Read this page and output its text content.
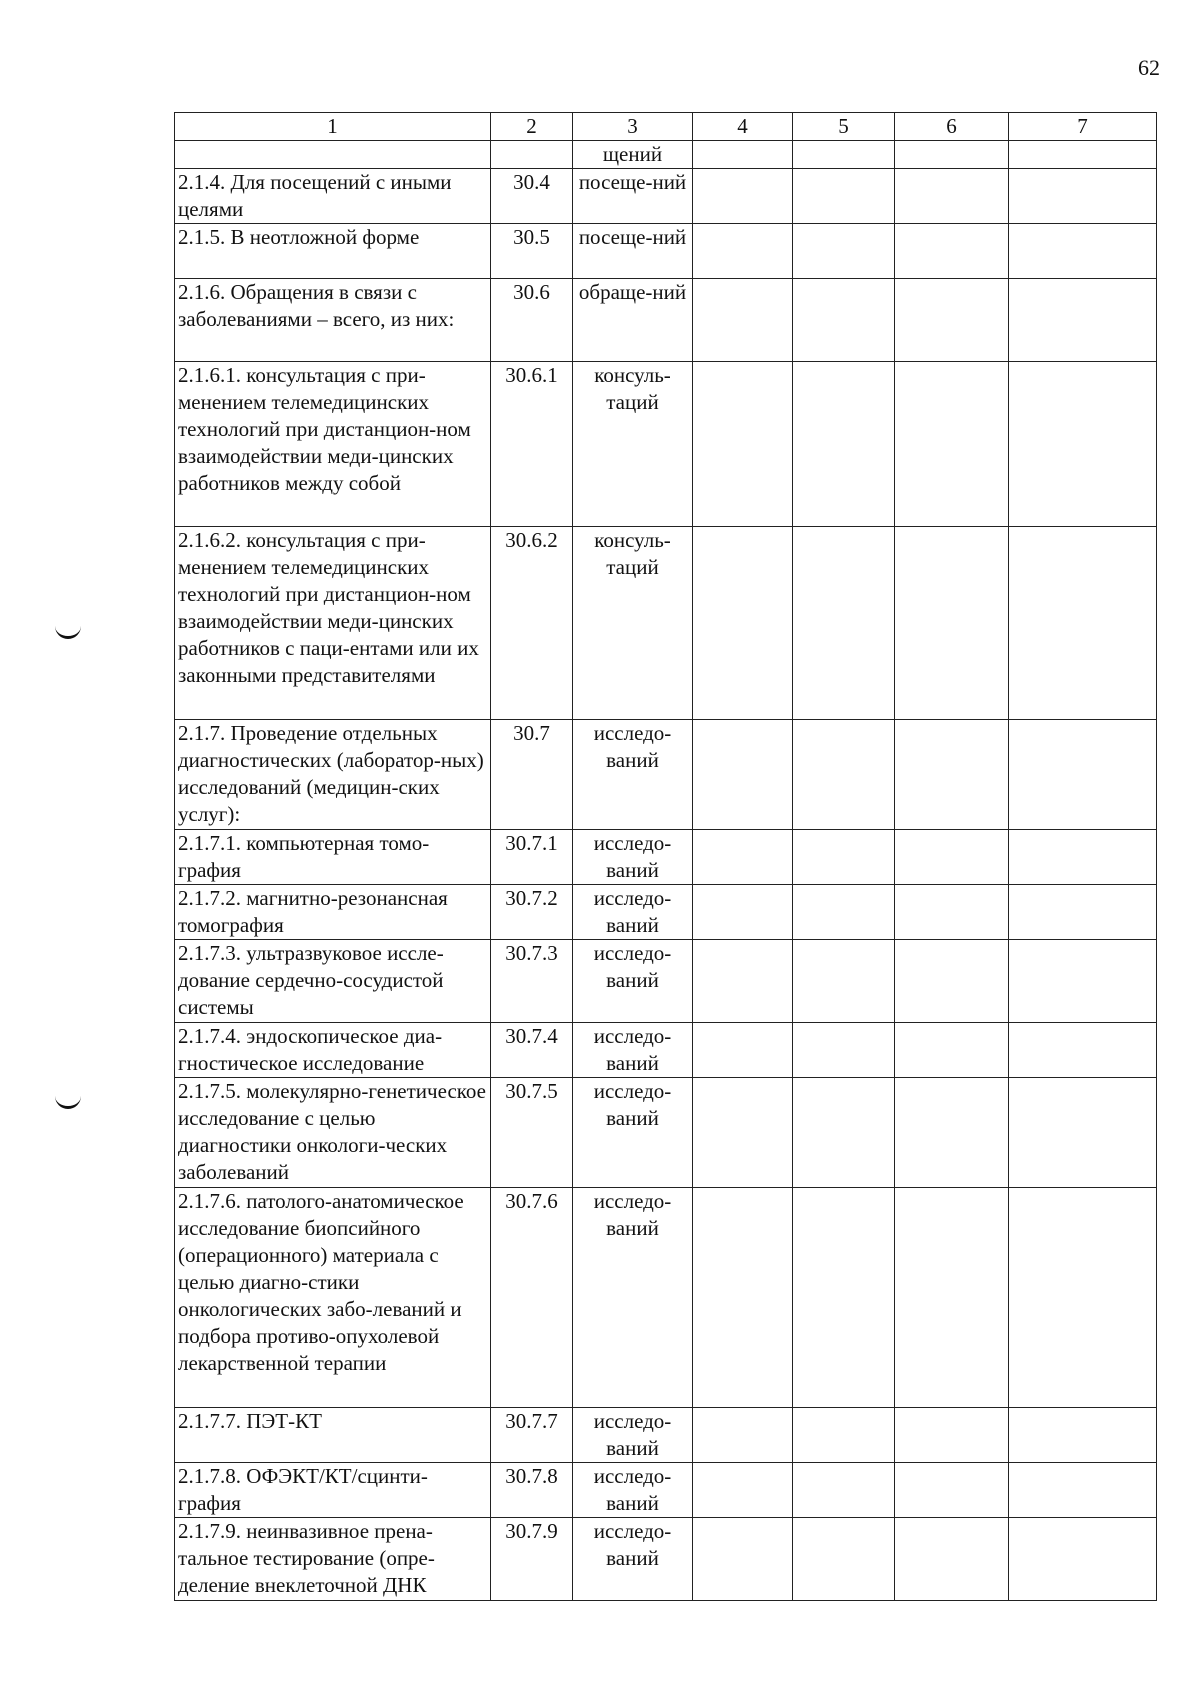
62
1	2	3	4	5	6	7
		щений				
2.1.4. Для посещений с иными целями	30.4	посеще-ний				
2.1.5. В неотложной форме	30.5	посеще-ний				
2.1.6. Обращения в связи с заболеваниями – всего, из них:	30.6	обраще-ний				
2.1.6.1. консультация с при-менением телемедицинских технологий при дистанцион-ном взаимодействии меди-цинских работников между собой	30.6.1	консуль-таций				
2.1.6.2. консультация с при-менением телемедицинских технологий при дистанцион-ном взаимодействии меди-цинских работников с паци-ентами или их законными представителями	30.6.2	консуль-таций				
2.1.7. Проведение отдельных диагностических (лаборатор-ных) исследований (медицин-ских услуг):	30.7	исследо-ваний				
2.1.7.1. компьютерная томо-графия	30.7.1	исследо-ваний				
2.1.7.2. магнитно-резонансная томография	30.7.2	исследо-ваний				
2.1.7.3. ультразвуковое иссле-дование сердечно-сосудистой системы	30.7.3	исследо-ваний				
2.1.7.4. эндоскопическое диа-гностическое исследование	30.7.4	исследо-ваний				
2.1.7.5. молекулярно-генетическое исследование с целью диагностики онкологи-ческих заболеваний	30.7.5	исследо-ваний				
2.1.7.6. патолого-анатомическое исследование биопсийного (операционного) материала с целью диагно-стики онкологических забо-леваний и подбора противо-опухолевой лекарственной терапии	30.7.6	исследо-ваний				
2.1.7.7. ПЭТ-КТ	30.7.7	исследо-ваний				
2.1.7.8. ОФЭКТ/КТ/сцинти-графия	30.7.8	исследо-ваний				
2.1.7.9. неинвазивное прена-тальное тестирование (опре-деление внеклеточной ДНК	30.7.9	исследо-ваний				
